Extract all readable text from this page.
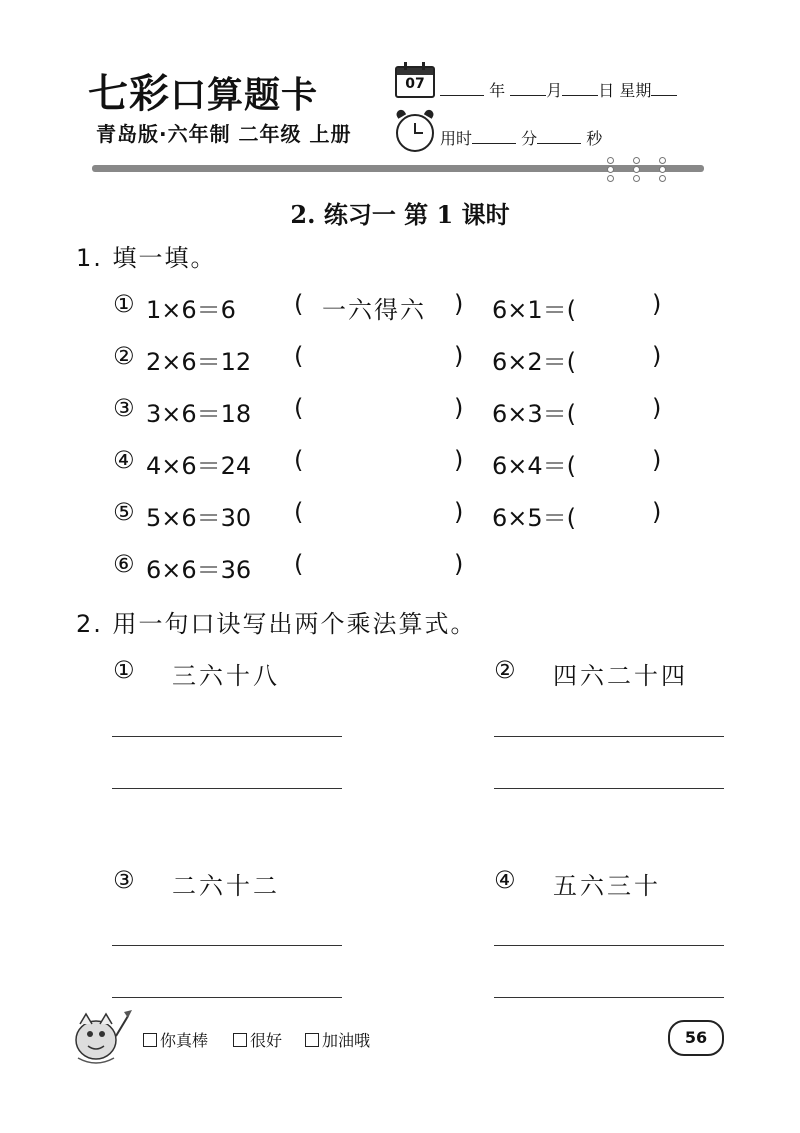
七彩口算题卡
青岛版·六年制 二年级 上册
07	年	月 日 星期
用时	分	秒
2. 练习一 第 1 课时
1. 填一填。
① 1×6＝6 ( 一六得六 ) 6×1＝(	)
② 2×6＝12 (	) 6×2＝(	)
③ 3×6＝18 (	) 6×3＝(	)
④ 4×6＝24 (	) 6×4＝(	)
⑤ 5×6＝30 (	) 6×5＝(	)
⑥ 6×6＝36 (	)
2. 用一句口诀写出两个乘法算式。
① 三六十八	② 四六二十四
③ 二六十二	④ 五六三十
你真棒	很好	加油哦	56
